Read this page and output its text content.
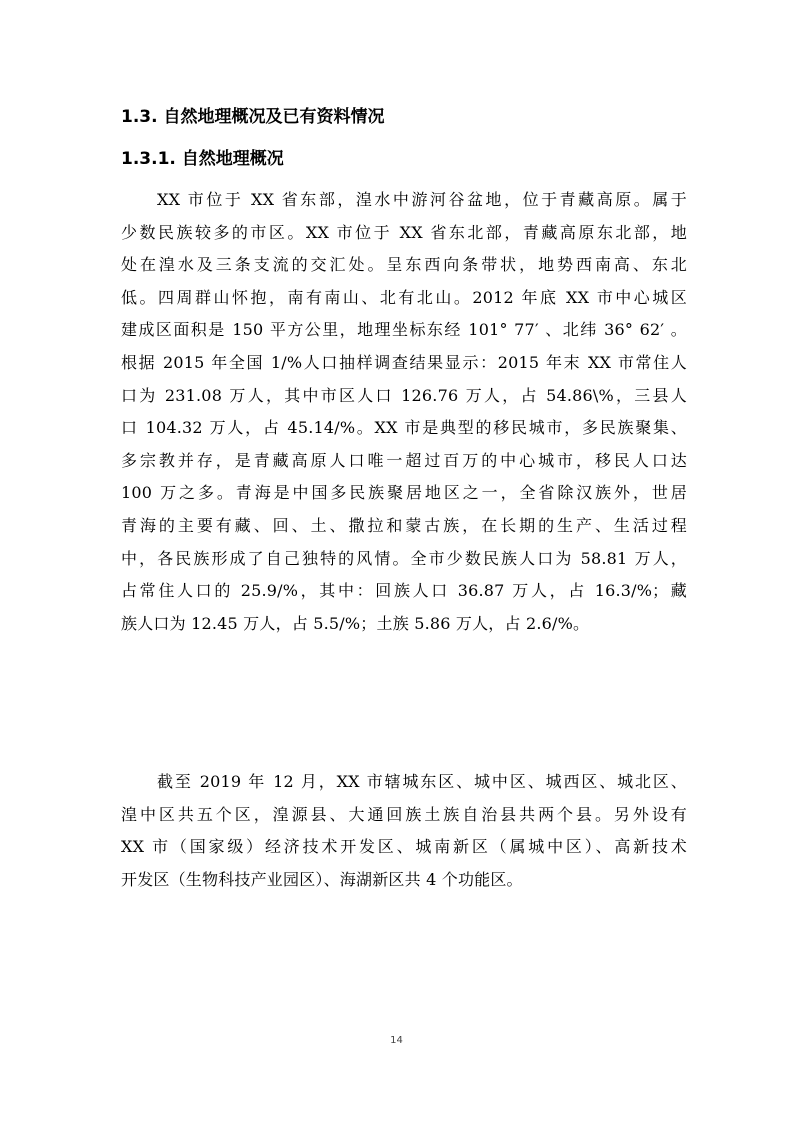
1.3. 自然地理概况及已有资料情况
1.3.1. 自然地理概况
XX 市位于 XX 省东部，湟水中游河谷盆地，位于青藏高原。属于
少数民族较多的市区。XX 市位于 XX 省东北部，青藏高原东北部，地
处在湟水及三条支流的交汇处。呈东西向条带状，地势西南高、东北
低。四周群山怀抱，南有南山、北有北山。2012 年底 XX 市中心城区
建成区面积是 150 平方公里，地理坐标东经 101° 77′ 、北纬 36° 62′ 。
根据 2015 年全国 1/%人口抽样调查结果显示：2015 年末 XX 市常住人
口为 231.08 万人，其中市区人口 126.76 万人，占 54.86\%，三县人
口 104.32 万人，占 45.14/%。XX 市是典型的移民城市，多民族聚集、
多宗教并存，是青藏高原人口唯一超过百万的中心城市，移民人口达
100 万之多。青海是中国多民族聚居地区之一，全省除汉族外，世居
青海的主要有藏、回、土、撒拉和蒙古族，在长期的生产、生活过程
中，各民族形成了自己独特的风情。全市少数民族人口为 58.81 万人，
占常住人口的 25.9/%，其中：回族人口 36.87 万人，占 16.3/%；藏
族人口为 12.45 万人，占 5.5/%；土族 5.86 万人，占 2.6/%。
截至 2019 年 12 月，XX 市辖城东区、城中区、城西区、城北区、
湟中区共五个区，湟源县、大通回族土族自治县共两个县。另外设有
XX 市（国家级）经济技术开发区、城南新区（属城中区）、高新技术
开发区（生物科技产业园区）、海湖新区共 4 个功能区。
14
